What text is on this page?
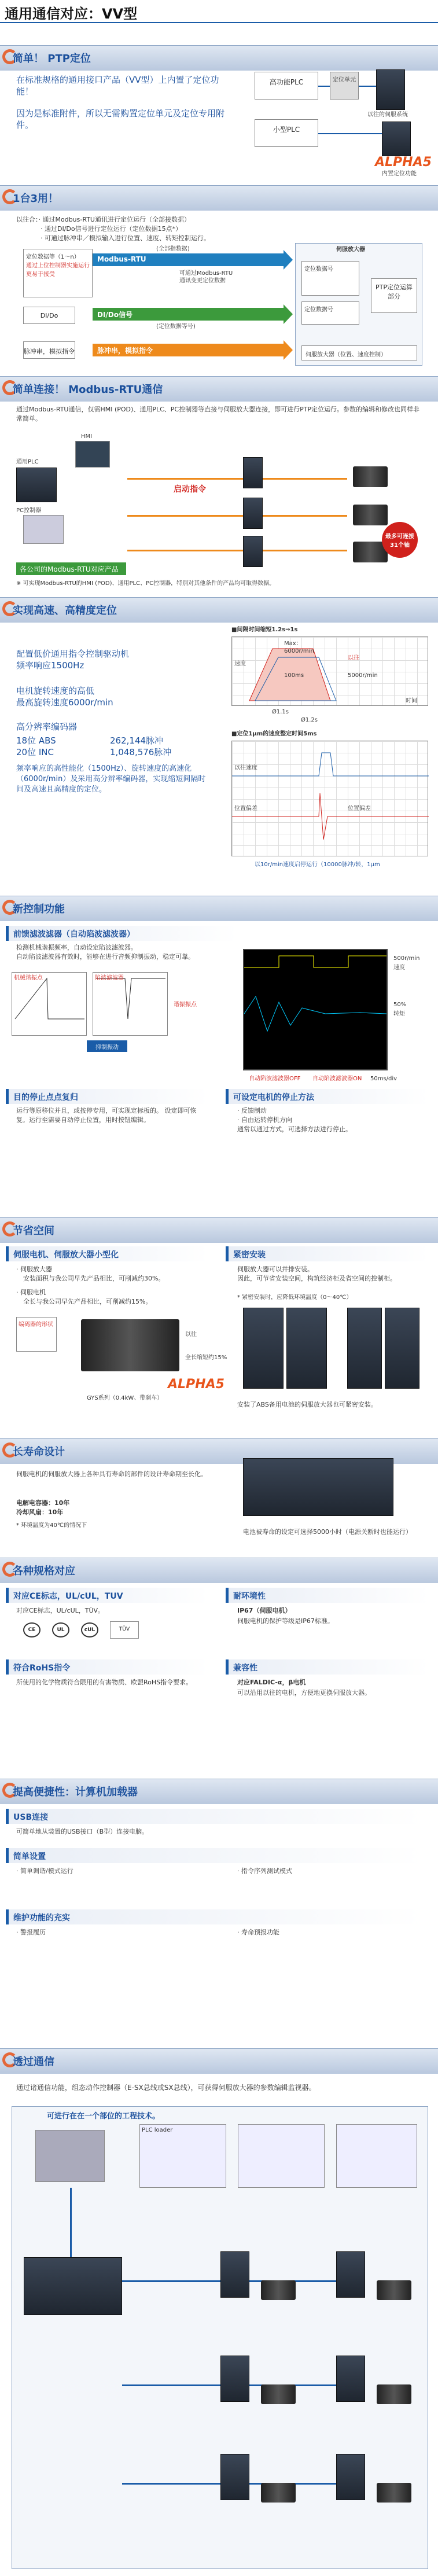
通用通信对应：VV型
简单！ PTP定位
在标准规格的通用接口产品（VV型）上内置了定位功能！
因为是标准附件，所以无需购置定位单元及定位专用附件。
高功能PLC	定位单元
小型PLC
以往的伺服系统
ALPHA5
内置定位功能
1台3用！
以往合：· 通过Modbus-RTU通讯进行定位运行（全部接数据）
· 通过DI/Do信号进行定位运行（定位数据15点*）
· 可通过脉冲串／模拟输入进行位置、速度、转矩控制运行。
定位数据等（1～n）
通过上位控制器实施运行
更易于接受
Modbus-RTU
(全部指数据)
可通过Modbus-RTU
通讯变更定位数据
DI/Do	DI/Do信号
(定位数据等号)
脉冲串，模拟指令	脉冲串，模拟指令
伺服放大器
定位数据号
定位数据号
PTP定位运算部分
伺服放大器（位置、速度控制）
简单连接！ Modbus-RTU通信
通过Modbus-RTU通信，仅需HMI (POD)、通用PLC、PC控制器等直接与伺服放大器连接，即可进行PTP定位运行。参数的编辑和修改也同样非常简单。
HMI
通用PLC
PC控制器
各公司的Modbus-RTU对应产品
※ 可实现Modbus-RTU的HMI (POD)、通用PLC、PC控制器，特别对其他条件的产品均可取得数据。
启动指令
最多可连接
31个轴
实现高速、高精度定位
配置低价通用指令控制驱动机
频率响应1500Hz
电机旋转速度的高低
最高旋转速度6000r/min
高分辨率编码器
18位 ABS	262,144脉冲
20位 INC	1,048,576脉冲
频率响应的高性能化（1500Hz）、旋转速度的高速化（6000r/min）及采用高分辨率编码器，实现缩短间隔时间及高速且高精度的定位。
■间隔时间缩短1.2s⇒1s
Max：
6000r/min
以往
5000r/min
100ms
速度
时间
Ø1.1s
Ø1.2s
■定位1μm的速度整定时间5ms
以往速度
位置偏差	位置偏差
以10r/min速度启停运行（10000脉冲/转，1μm
新控制功能
前馈滤波滤器（自动陷波滤波器）
检测机械谐振频率，自动设定陷波滤波器。
自动陷波滤波器有效时，能够在进行音频抑制振动，稳定可靠。
机械谐振点	陷波滤波器
抑制振动
谐振振点
500r/min
速度
50%
转矩
50ms/div
自动陷波滤波器OFF 自动陷波滤波器ON
目的停止点点复归
运行等原移位并且，或按停专用，可实现定标板的。 设定即可恢复。运行至需要自动停止位置，用时按钮编辑。
可设定电机的停止方法
· 反馈制动
· 自由运转停机方向
通常以通过方式，可选择方法进行停止。
节省空间
伺服电机、伺服放大器小型化
· 伺服放大器
安装面积与我公司早先产品相比，可削减约30%。
· 伺服电机
全长与我公司早先产品相比，可削减约15%。
编码器的形状
以往
全长缩短约15%
ALPHA5
GYS系列（0.4kW、带刹车）
紧密安装
伺服放大器可以并排安装。
因此，可节省安装空间，构筑经济柜及省空间的控制柜。
* 紧密安装时，应降低环境温度（0～40℃）
安装了ABS备用电池的伺服放大器也可紧密安装。
长寿命设计
伺服电机的伺服放大器上各种具有寿命的部件的设计寿命期至长化。
电解电容器：10年
冷却风扇：10年
* 环境温度为40℃的情况下
电池被寿命的设定可选择5000小时（电源关断时也能运行）
各种规格对应
对应CE标志，UL/cUL，TUV
对应CE标志，UL/cUL，TÜV。
CE	UL	cUL	TÜV
耐环境性
IP67（伺服电机）
伺服电机的保护等级是IP67标准。
符合RoHS指令
所使用的化学物质符合限用的有害物质、欧盟RoHS指令要求。
兼容性
对应FALDIC-α，β电机
可以沿用以往的电机，方便地更换伺服放大器。
提高便捷性：计算机加载器
USB连接
可简单地从装置的USB接口（B型）连接电脑。
简单设置
· 简单调谐/模式运行	· 指令序列测试模式
维护功能的充实
· 警报履历	· 寿命预报功能
透过通信
通过诸通信功能，组态动作控制器（E-SX总线或SX总线），可获得伺服放大器的参数编辑监视器。
可进行在在一个部位的工程技术。
PLC loader
